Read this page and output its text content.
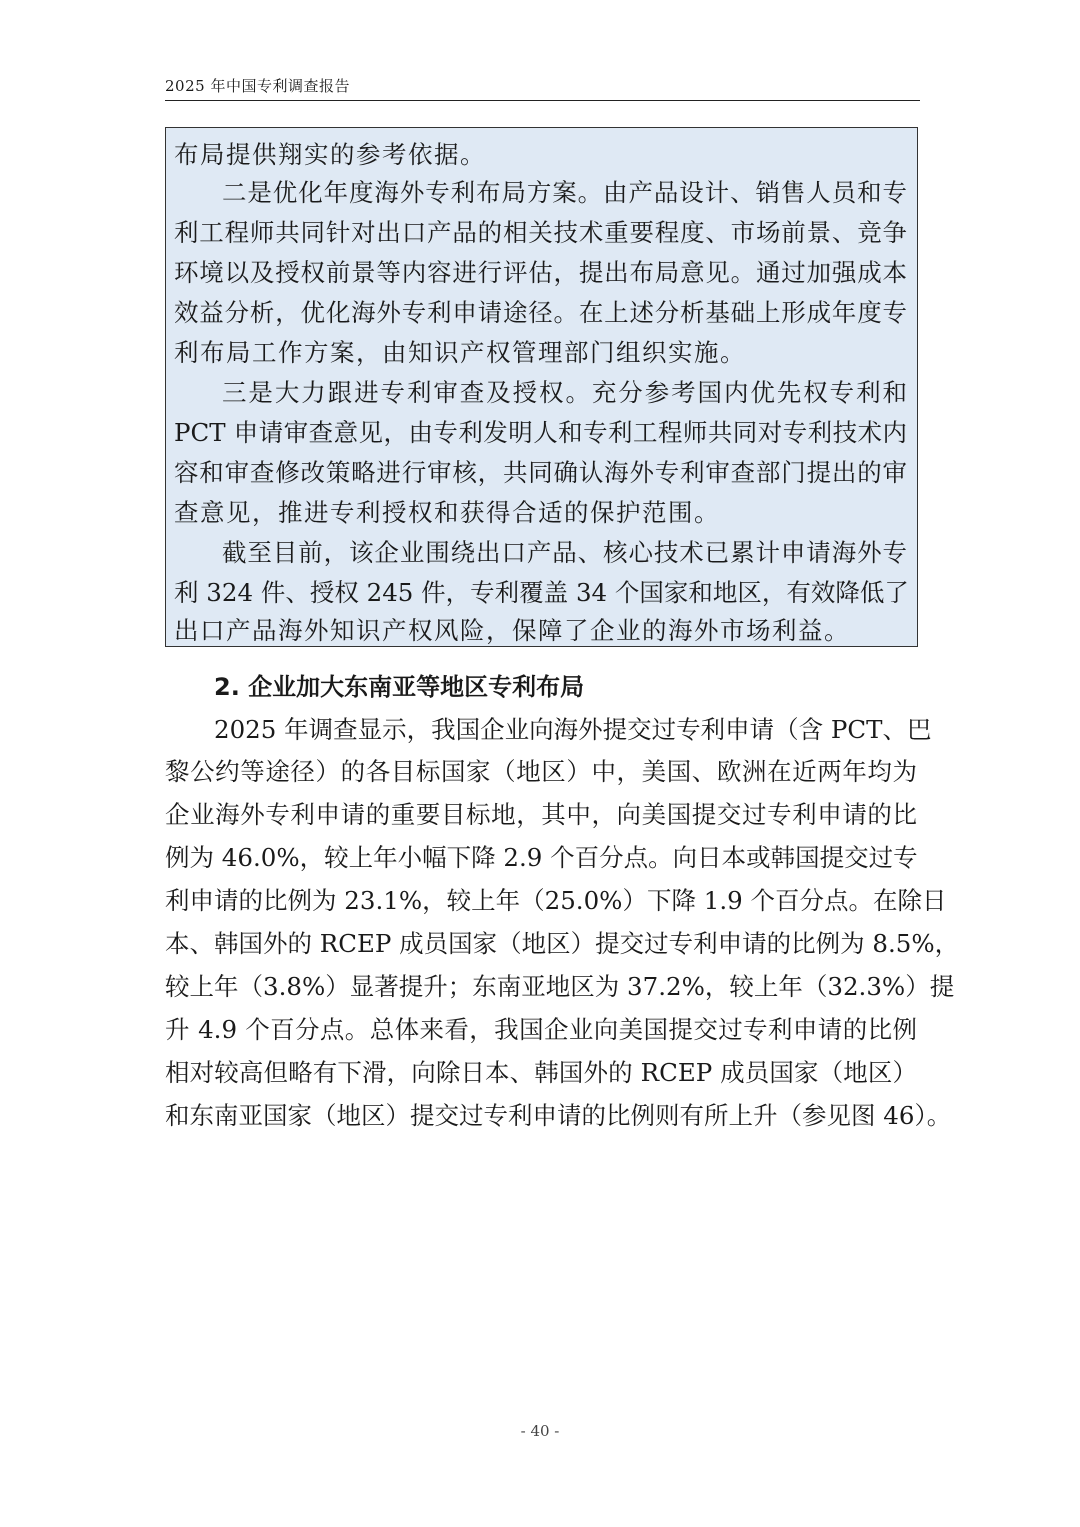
2025 年中国专利调查报告
布局提供翔实的参考依据。
二是优化年度海外专利布局方案。由产品设计、销售人员和专
利工程师共同针对出口产品的相关技术重要程度、市场前景、竞争
环境以及授权前景等内容进行评估，提出布局意见。通过加强成本
效益分析，优化海外专利申请途径。在上述分析基础上形成年度专
利布局工作方案，由知识产权管理部门组织实施。
三是大力跟进专利审查及授权。充分参考国内优先权专利和
PCT 申请审查意见，由专利发明人和专利工程师共同对专利技术内
容和审查修改策略进行审核，共同确认海外专利审查部门提出的审
查意见，推进专利授权和获得合适的保护范围。
截至目前，该企业围绕出口产品、核心技术已累计申请海外专
利 324 件、授权 245 件，专利覆盖 34 个国家和地区，有效降低了
出口产品海外知识产权风险，保障了企业的海外市场利益。
2. 企业加大东南亚等地区专利布局
2025 年调查显示，我国企业向海外提交过专利申请（含 PCT、巴
黎公约等途径）的各目标国家（地区）中，美国、欧洲在近两年均为
企业海外专利申请的重要目标地，其中，向美国提交过专利申请的比
例为 46.0%，较上年小幅下降 2.9 个百分点。向日本或韩国提交过专
利申请的比例为 23.1%，较上年（25.0%）下降 1.9 个百分点。在除日
本、韩国外的 RCEP 成员国家（地区）提交过专利申请的比例为 8.5%，
较上年（3.8%）显著提升；东南亚地区为 37.2%，较上年（32.3%）提
升 4.9 个百分点。总体来看，我国企业向美国提交过专利申请的比例
相对较高但略有下滑，向除日本、韩国外的 RCEP 成员国家（地区）
和东南亚国家（地区）提交过专利申请的比例则有所上升（参见图 46）。
- 40 -
